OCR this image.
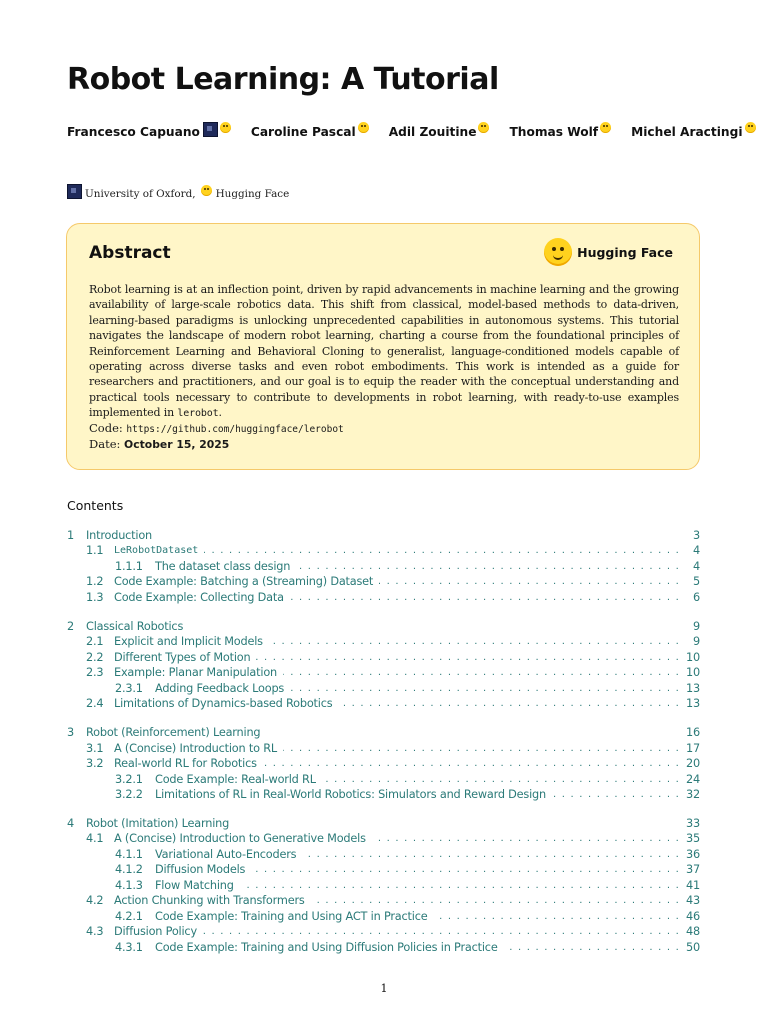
Robot Learning: A Tutorial
Francesco Capuano	Caroline Pascal	Adil Zouitine	Thomas Wolf	Michel Aractingi
University of Oxford, Hugging Face
Abstract	Hugging Face

Robot learning is at an inflection point, driven by rapid advancements in machine learning and the growing availability of large-scale robotics data. This shift from classical, model-based methods to data-driven, learning-based paradigms is unlocking unprecedented capabilities in autonomous systems. This tutorial navigates the landscape of modern robot learning, charting a course from the foundational principles of Reinforcement Learning and Behavioral Cloning to generalist, language-conditioned models capable of operating across diverse tasks and even robot embodiments. This work is intended as a guide for researchers and practitioners, and our goal is to equip the reader with the conceptual understanding and practical tools necessary to contribute to developments in robot learning, with ready-to-use examples implemented in lerobot.

Code: https://github.com/huggingface/lerobot
Date: October 15, 2025
Contents
1	Introduction	3
1.1	LeRobotDataset . . .	4
1.1.1	The dataset class design . . .	4
1.2 Code Example: Batching a (Streaming) Dataset . . .	5
1.3 Code Example: Collecting Data . . .	6
2	Classical Robotics	9
2.1 Explicit and Implicit Models . . .	9
2.2 Different Types of Motion . . .	10
2.3 Example: Planar Manipulation . . .	10
2.3.1	Adding Feedback Loops . . .	13
2.4 Limitations of Dynamics-based Robotics . . .	13
3	Robot (Reinforcement) Learning	16
3.1 A (Concise) Introduction to RL . . .	17
3.2 Real-world RL for Robotics . . .	20
3.2.1	Code Example: Real-world RL . . .	24
3.2.2	Limitations of RL in Real-World Robotics: Simulators and Reward Design . . .	32
4	Robot (Imitation) Learning	33
4.1 A (Concise) Introduction to Generative Models . . .	35
4.1.1	Variational Auto-Encoders . . .	36
4.1.2	Diffusion Models . . .	37
4.1.3	Flow Matching . . .	41
4.2 Action Chunking with Transformers . . .	43
4.2.1	Code Example: Training and Using ACT in Practice . . .	46
4.3 Diffusion Policy . . .	48
4.3.1	Code Example: Training and Using Diffusion Policies in Practice . . .	50
1
